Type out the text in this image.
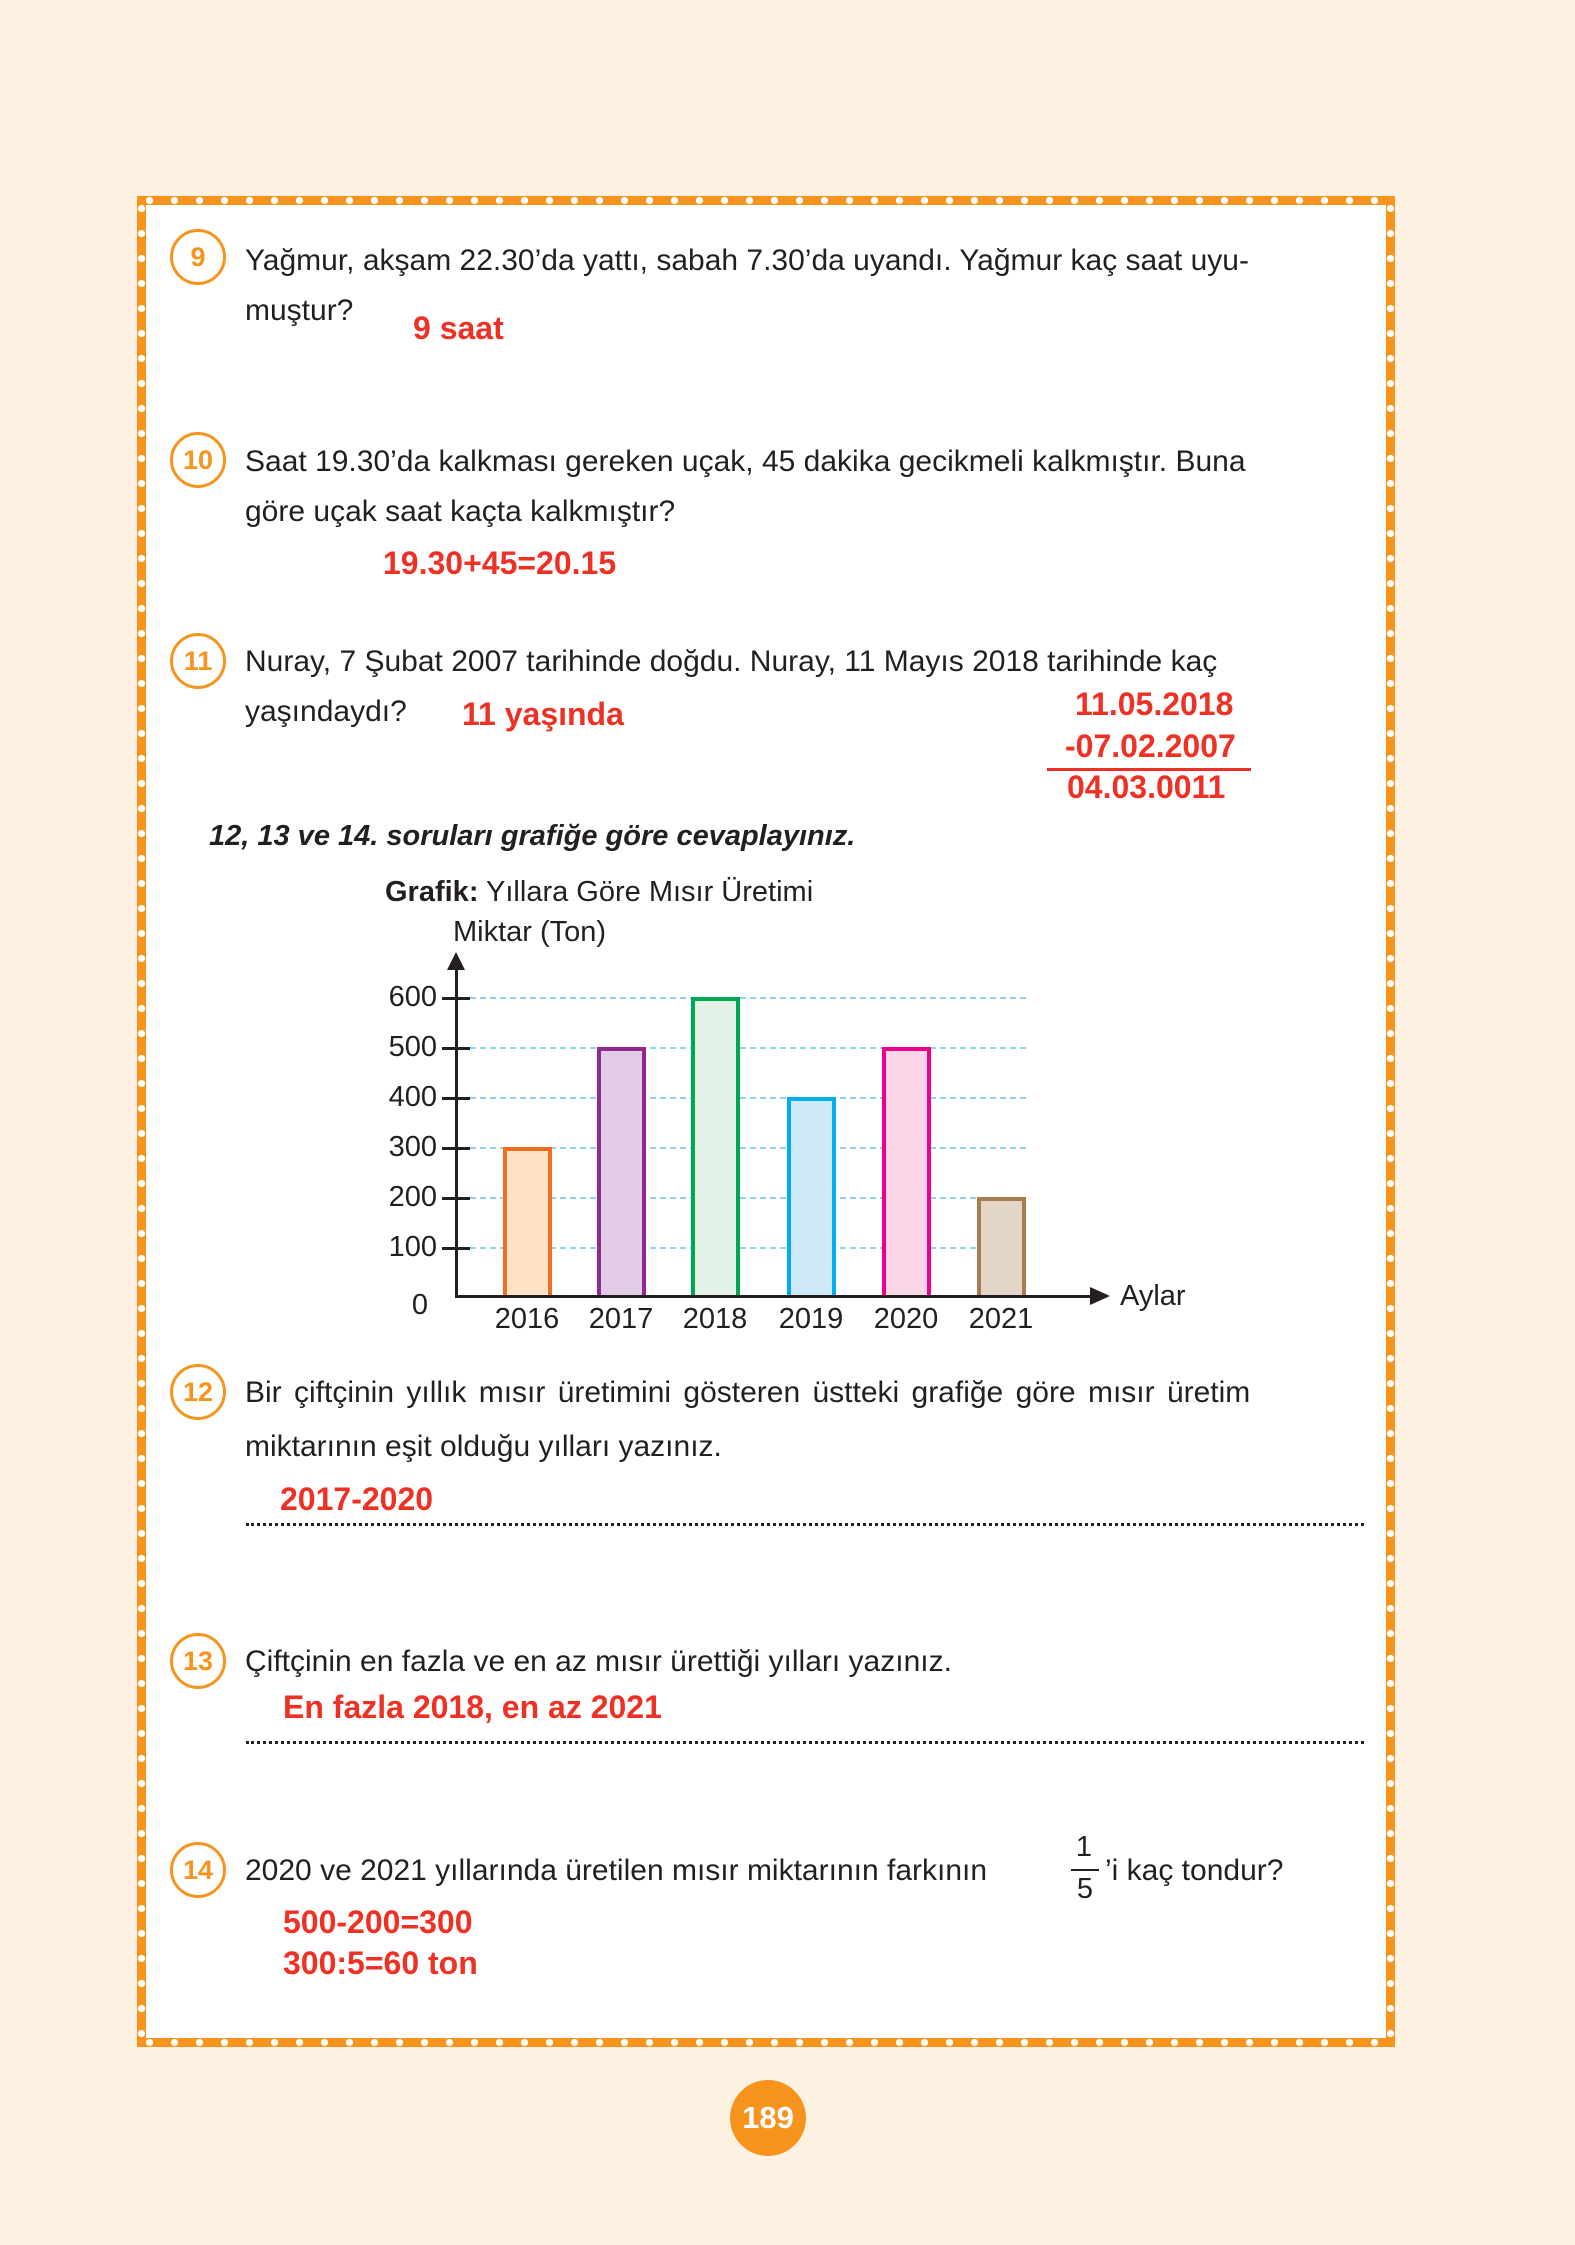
9	Yağmur, akşam 22.30’da yattı, sabah 7.30’da uyandı. Yağmur kaç saat uyu-
muştur? 9 saat
10	Saat 19.30’da kalkması gereken uçak, 45 dakika gecikmeli kalkmıştır. Buna
göre uçak saat kaçta kalkmıştır?
19.30+45=20.15
11	Nuray, 7 Şubat 2007 tarihinde doğdu. Nuray, 11 Mayıs 2018 tarihinde kaç
yaşındaydı? 11 yaşında	11.05.2018
-07.02.2007
04.03.0011
12, 13 ve 14. soruları grafiğe göre cevaplayınız.
Grafik: Yıllara Göre Mısır Üretimi
Miktar (Ton)
600
500
400
300
200
100
0	Aylar
2016	2017	2018	2019	2020	2021
12	Bir çiftçinin yıllık mısır üretimini gösteren üstteki grafiğe göre mısır üretim
miktarının eşit olduğu yılları yazınız.
2017-2020
13	Çiftçinin en fazla ve en az mısır ürettiği yılları yazınız.
En fazla 2018, en az 2021
14	2020 ve 2021 yıllarında üretilen mısır miktarının farkının
1
5
’i kaç tondur?
500-200=300
300:5=60 ton
189
